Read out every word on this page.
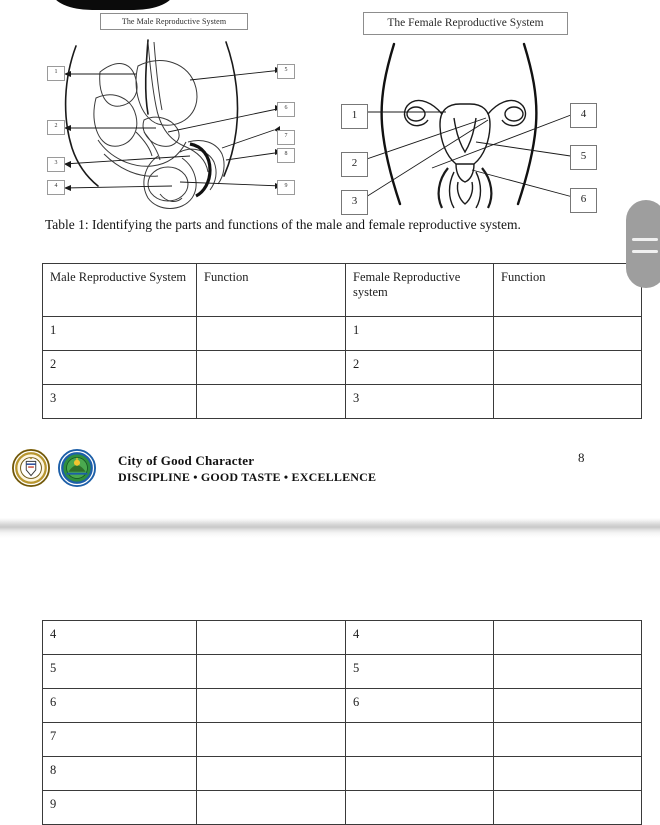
The Male Reproductive System
1
2
3
4
5
6
7
8
9
The Female Reproductive System
1
2
3
4
5
6
Table 1: Identifying the parts and functions of the male and female reproductive system.
Male Reproductive System	Function	Female Reproductive system	Function
1		1	
2		2	
3		3	
City of Good Character
DISCIPLINE • GOOD TASTE • EXCELLENCE
8
4		4	
5		5	
6		6	
7			
8			
9			
